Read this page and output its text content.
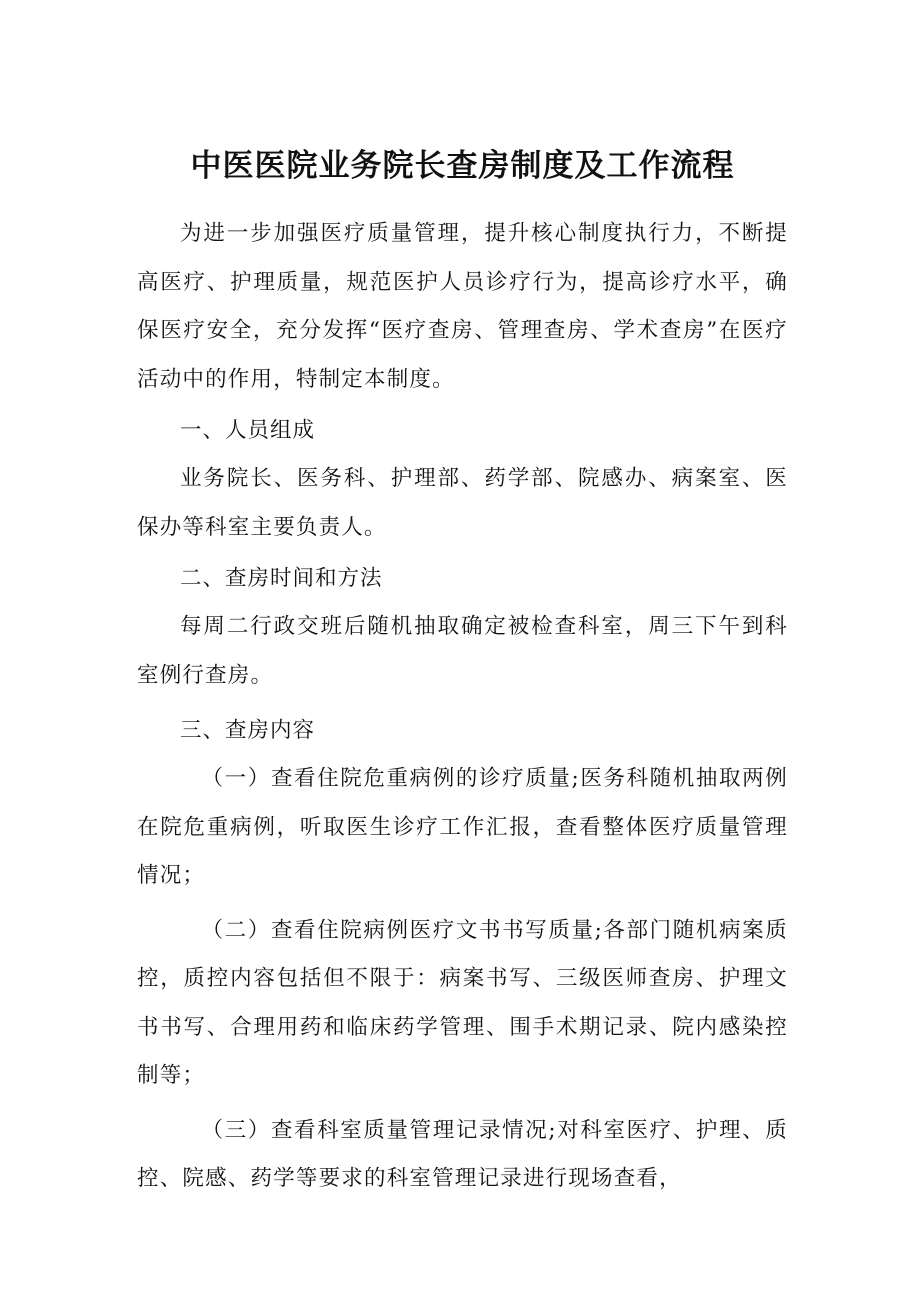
中医医院业务院长查房制度及工作流程

为进一步加强医疗质量管理，提升核心制度执行力，不断提高医疗、护理质量，规范医护人员诊疗行为，提高诊疗水平，确保医疗安全，充分发挥“医疗查房、管理查房、学术查房”在医疗活动中的作用，特制定本制度。

一、人员组成

业务院长、医务科、护理部、药学部、院感办、病案室、医保办等科室主要负责人。

二、查房时间和方法

每周二行政交班后随机抽取确定被检查科室，周三下午到科室例行查房。

三、查房内容

（一）查看住院危重病例的诊疗质量;医务科随机抽取两例在院危重病例，听取医生诊疗工作汇报，查看整体医疗质量管理情况；

（二）查看住院病例医疗文书书写质量;各部门随机病案质控，质控内容包括但不限于：病案书写、三级医师查房、护理文书书写、合理用药和临床药学管理、围手术期记录、院内感染控制等；

（三）查看科室质量管理记录情况;对科室医疗、护理、质控、院感、药学等要求的科室管理记录进行现场查看，
